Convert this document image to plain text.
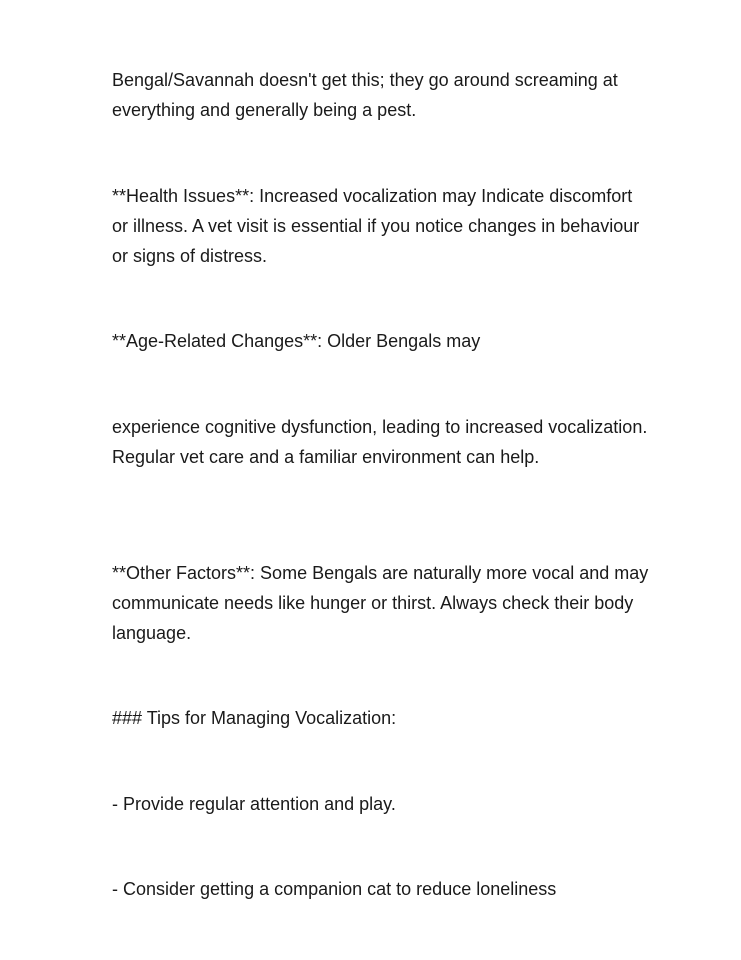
Bengal/Savannah doesn't get this; they go around screaming at everything and generally being a pest.

**Health Issues**: Increased vocalization may Indicate discomfort or illness. A vet visit is essential if you notice changes in behaviour or signs of distress.

**Age-Related Changes**: Older Bengals may

experience cognitive dysfunction, leading to increased vocalization. Regular vet care and a familiar environment can help.

**Other Factors**: Some Bengals are naturally more vocal and may communicate needs like hunger or thirst. Always check their body language.

### Tips for Managing Vocalization:

- Provide regular attention and play.

- Consider getting a companion cat to reduce loneliness
